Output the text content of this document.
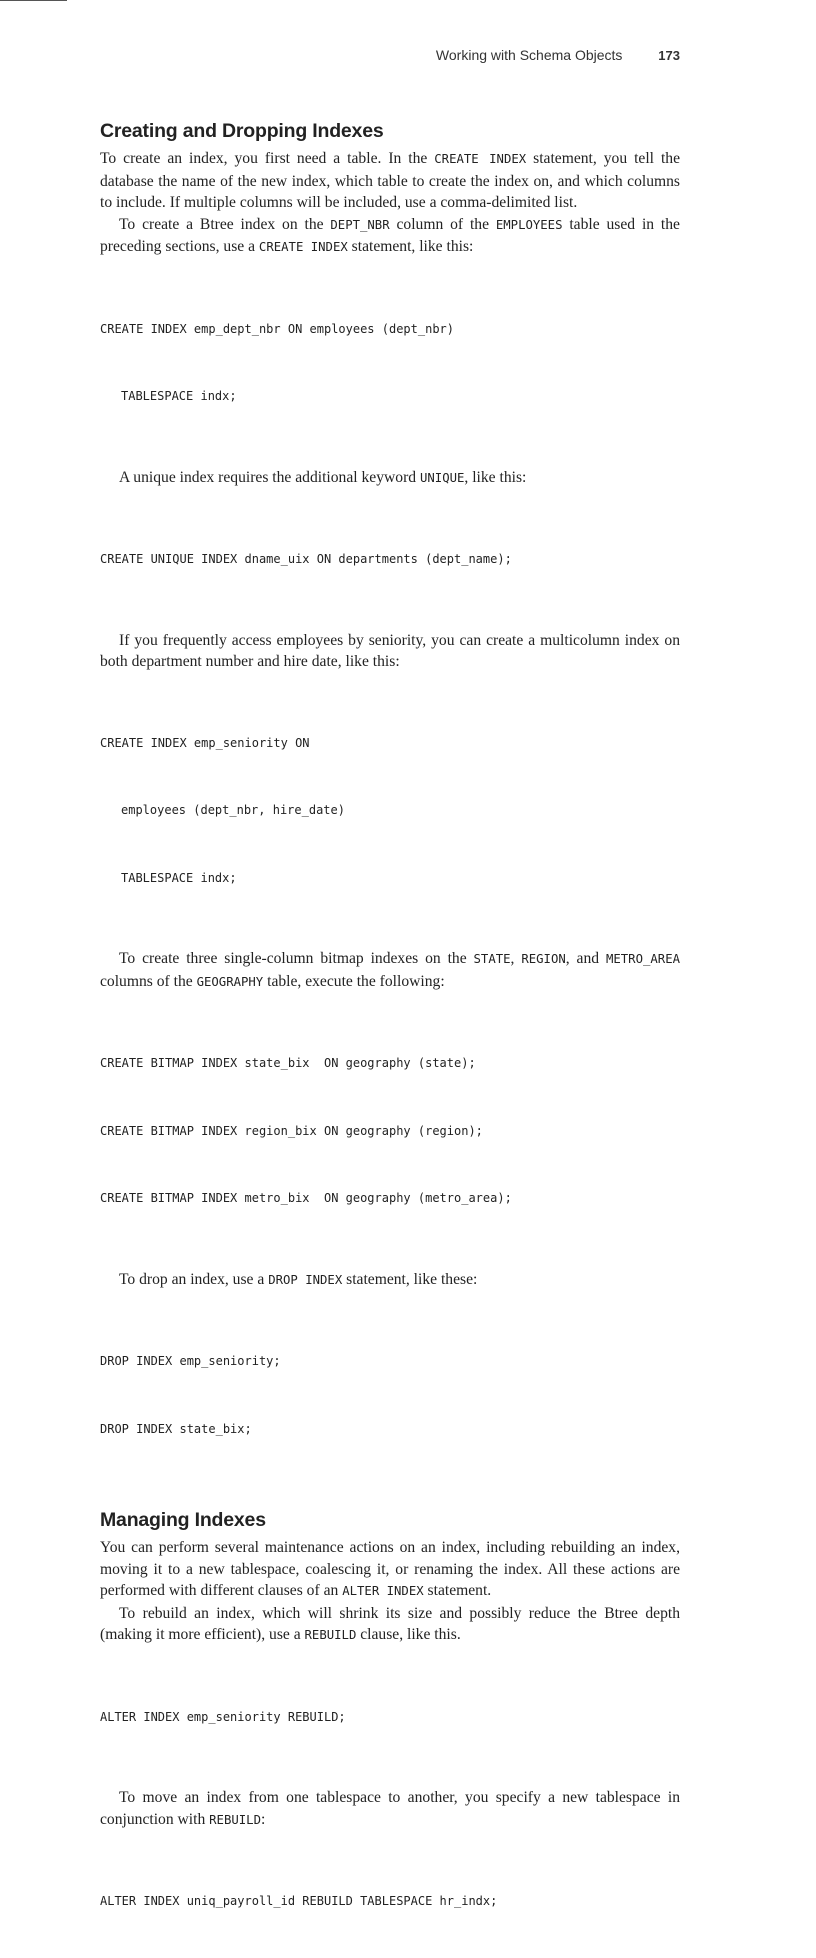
Working with Schema Objects	173
Creating and Dropping Indexes

To create an index, you first need a table. In the CREATE INDEX statement, you tell the database the name of the new index, which table to create the index on, and which columns to include. If multiple columns will be included, use a comma-delimited list.

To create a Btree index on the DEPT_NBR column of the EMPLOYEES table used in the preceding sections, use a CREATE INDEX statement, like this:

CREATE INDEX emp_dept_nbr ON employees (dept_nbr)

TABLESPACE indx;

A unique index requires the additional keyword UNIQUE, like this:

CREATE UNIQUE INDEX dname_uix ON departments (dept_name);

If you frequently access employees by seniority, you can create a multicolumn index on both department number and hire date, like this:

CREATE INDEX emp_seniority ON

employees (dept_nbr, hire_date)

TABLESPACE indx;

To create three single-column bitmap indexes on the STATE, REGION, and METRO_AREA columns of the GEOGRAPHY table, execute the following:

CREATE BITMAP INDEX state_bix  ON geography (state);

CREATE BITMAP INDEX region_bix ON geography (region);

CREATE BITMAP INDEX metro_bix  ON geography (metro_area);

To drop an index, use a DROP INDEX statement, like these:

DROP INDEX emp_seniority;

DROP INDEX state_bix;

Managing Indexes

You can perform several maintenance actions on an index, including rebuilding an index, moving it to a new tablespace, coalescing it, or renaming the index. All these actions are performed with different clauses of an ALTER INDEX statement.

To rebuild an index, which will shrink its size and possibly reduce the Btree depth (making it more efficient), use a REBUILD clause, like this.

ALTER INDEX emp_seniority REBUILD;

To move an index from one tablespace to another, you specify a new tablespace in conjunction with REBUILD:

ALTER INDEX uniq_payroll_id REBUILD TABLESPACE hr_indx;
